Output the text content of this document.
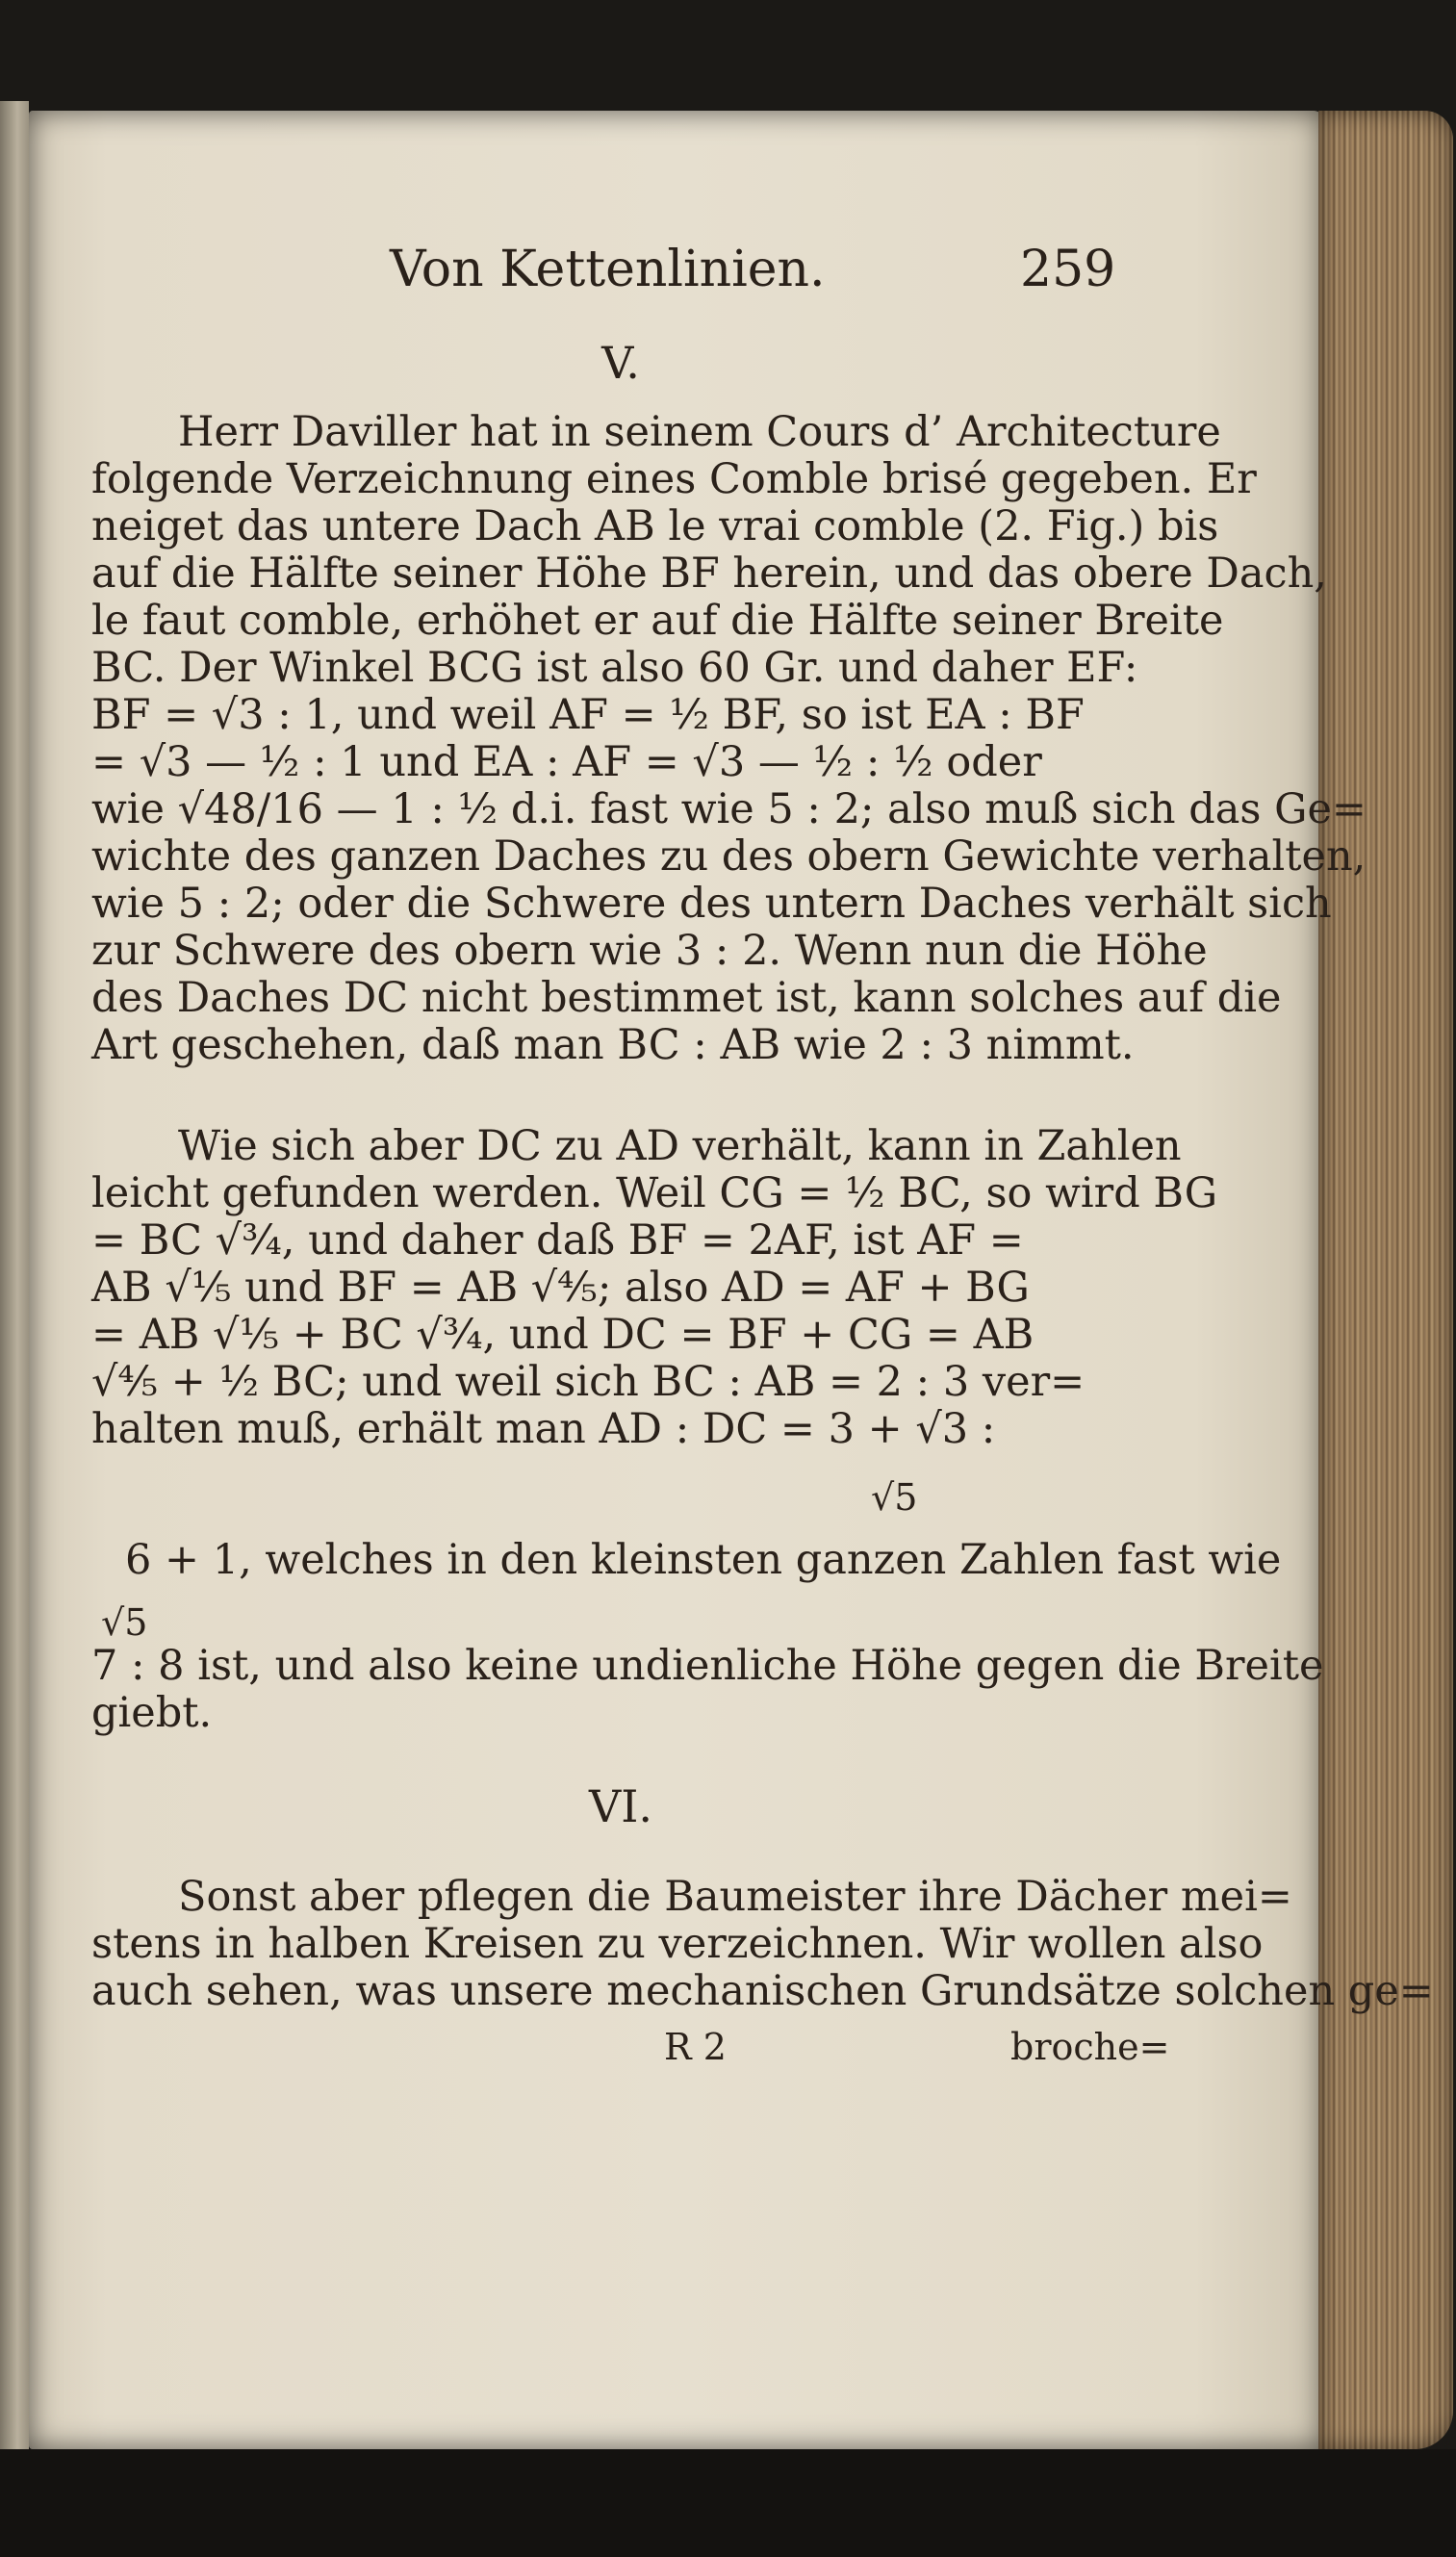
Von Kettenlinien.	259
V.
Herr Daviller hat in seinem Cours d’ Architecture
folgende Verzeichnung eines Comble brisé gegeben. Er
neiget das untere Dach AB le vrai comble (2. Fig.) bis
auf die Hälfte seiner Höhe BF herein, und das obere Dach,
le faut comble, erhöhet er auf die Hälfte seiner Breite
BC. Der Winkel BCG ist also 60 Gr. und daher EF:
BF = √3 : 1, und weil AF = ½ BF, so ist EA : BF
= √3 — ½ : 1 und EA : AF = √3 — ½ : ½ oder
wie √48/16 — 1 : ½ d.i. fast wie 5 : 2; also muß sich das Ge=
wichte des ganzen Daches zu des obern Gewichte verhalten,
wie 5 : 2; oder die Schwere des untern Daches verhält sich
zur Schwere des obern wie 3 : 2. Wenn nun die Höhe
des Daches DC nicht bestimmet ist, kann solches auf die
Art geschehen, daß man BC : AB wie 2 : 3 nimmt.
Wie sich aber DC zu AD verhält, kann in Zahlen
leicht gefunden werden. Weil CG = ½ BC, so wird BG
= BC √¾, und daher daß BF = 2AF, ist AF =
AB √⅕ und BF = AB √⅘; also AD = AF + BG
= AB √⅕ + BC √¾, und DC = BF + CG = AB
√⅘ + ½ BC; und weil sich BC : AB = 2 : 3 ver=
halten muß, erhält man AD : DC = 3 + √3 :
√5
6 + 1, welches in den kleinsten ganzen Zahlen fast wie
√5
7 : 8 ist, und also keine undienliche Höhe gegen die Breite
giebt.
VI.
Sonst aber pflegen die Baumeister ihre Dächer mei=
stens in halben Kreisen zu verzeichnen. Wir wollen also
auch sehen, was unsere mechanischen Grundsätze solchen ge=
R 2	broche=
